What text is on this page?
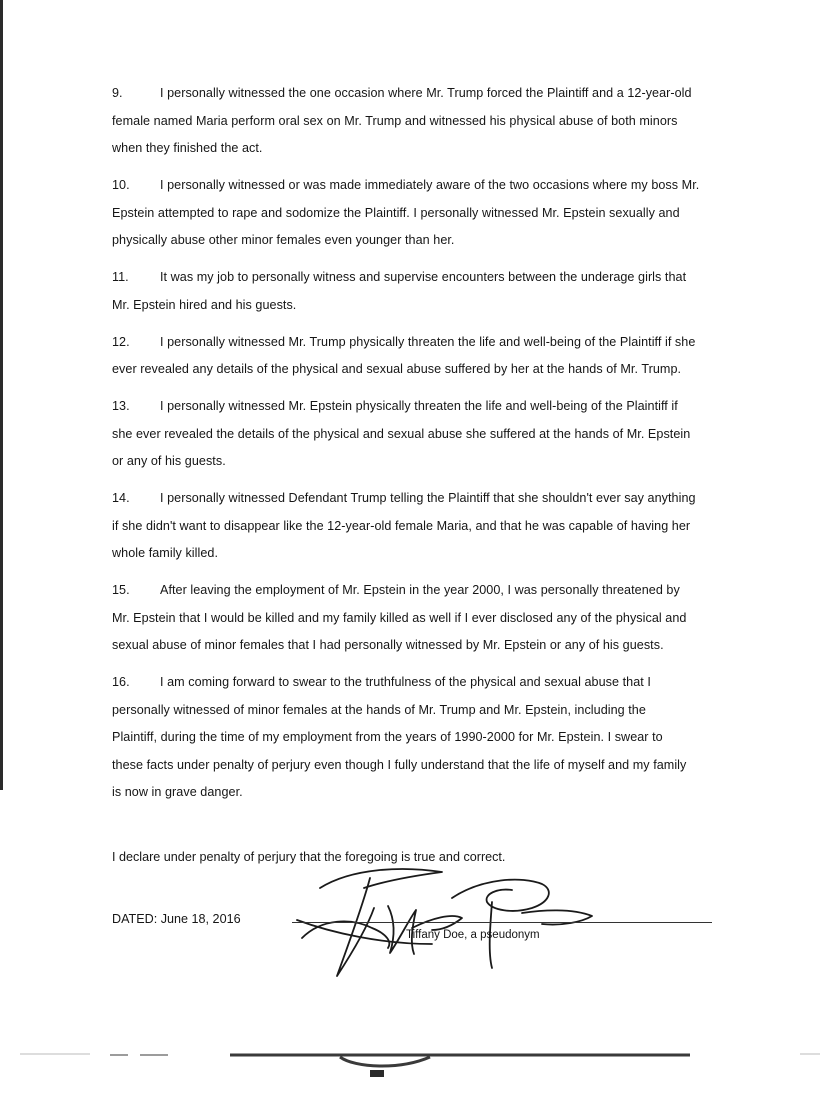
9.	I personally witnessed the one occasion where Mr. Trump forced the Plaintiff and a 12-year-old
female named Maria perform oral sex on Mr. Trump and witnessed his physical abuse of both minors
when they finished the act.
10. I personally witnessed or was made immediately aware of the two occasions where my boss Mr.
Epstein attempted to rape and sodomize the Plaintiff. I personally witnessed Mr. Epstein sexually and
physically abuse other minor females even younger than her.
11. It was my job to personally witness and supervise encounters between the underage girls that
Mr. Epstein hired and his guests.
12. I personally witnessed Mr. Trump physically threaten the life and well-being of the Plaintiff if she
ever revealed any details of the physical and sexual abuse suffered by her at the hands of Mr. Trump.
13. I personally witnessed Mr. Epstein physically threaten the life and well-being of the Plaintiff if
she ever revealed the details of the physical and sexual abuse she suffered at the hands of Mr. Epstein
or any of his guests.
14. I personally witnessed Defendant Trump telling the Plaintiff that she shouldn't ever say anything
if she didn't want to disappear like the 12-year-old female Maria, and that he was capable of having her
whole family killed.
15. After leaving the employment of Mr. Epstein in the year 2000, I was personally threatened by
Mr. Epstein that I would be killed and my family killed as well if I ever disclosed any of the physical and
sexual abuse of minor females that I had personally witnessed by Mr. Epstein or any of his guests.
16. I am coming forward to swear to the truthfulness of the physical and sexual abuse that I
personally witnessed of minor females at the hands of Mr. Trump and Mr. Epstein, including the
Plaintiff, during the time of my employment from the years of 1990-2000 for Mr. Epstein. I swear to
these facts under penalty of perjury even though I fully understand that the life of myself and my family
is now in grave danger.
I declare under penalty of perjury that the foregoing is true and correct.
DATED: June 18, 2016
Tiffany Doe, a pseudonym
